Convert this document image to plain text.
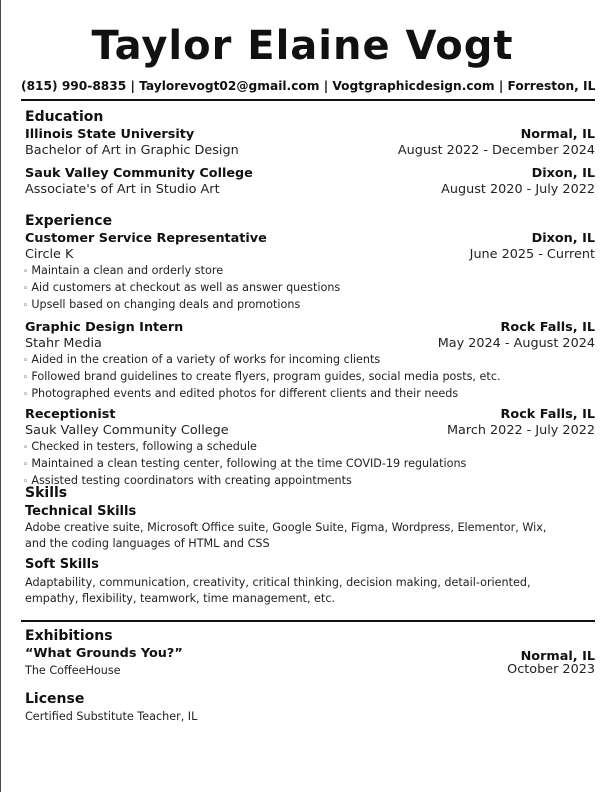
Taylor Elaine Vogt
(815) 990-8835 | Taylorevogt02@gmail.com | Vogtgraphicdesign.com | Forreston, IL
Education
Illinois State University	Normal, IL
Bachelor of Art in Graphic Design	August 2022 - December 2024
Sauk Valley Community College	Dixon, IL
Associate's of Art in Studio Art	August 2020 - July 2022
Experience
Customer Service Representative	Dixon, IL
Circle K	June 2025 - Current
◦ Maintain a clean and orderly store
◦ Aid customers at checkout as well as answer questions
◦ Upsell based on changing deals and promotions
Graphic Design Intern	Rock Falls, IL
Stahr Media	May 2024 - August 2024
◦ Aided in the creation of a variety of works for incoming clients
◦ Followed brand guidelines to create flyers, program guides, social media posts, etc.
◦ Photographed events and edited photos for different clients and their needs
Receptionist	Rock Falls, IL
Sauk Valley Community College	March 2022 - July 2022
◦ Checked in testers, following a schedule
◦ Maintained a clean testing center, following at the time COVID-19 regulations
◦ Assisted testing coordinators with creating appointments
Skills
Technical Skills
Adobe creative suite, Microsoft Office suite, Google Suite, Figma, Wordpress, Elementor, Wix,
and the coding languages of HTML and CSS
Soft Skills
Adaptability, communication, creativity, critical thinking, decision making, detail-oriented,
empathy, flexibility, teamwork, time management, etc.
Exhibitions
“What Grounds You?”	Normal, IL
The CoffeeHouse	October 2023
License
Certified Substitute Teacher, IL
